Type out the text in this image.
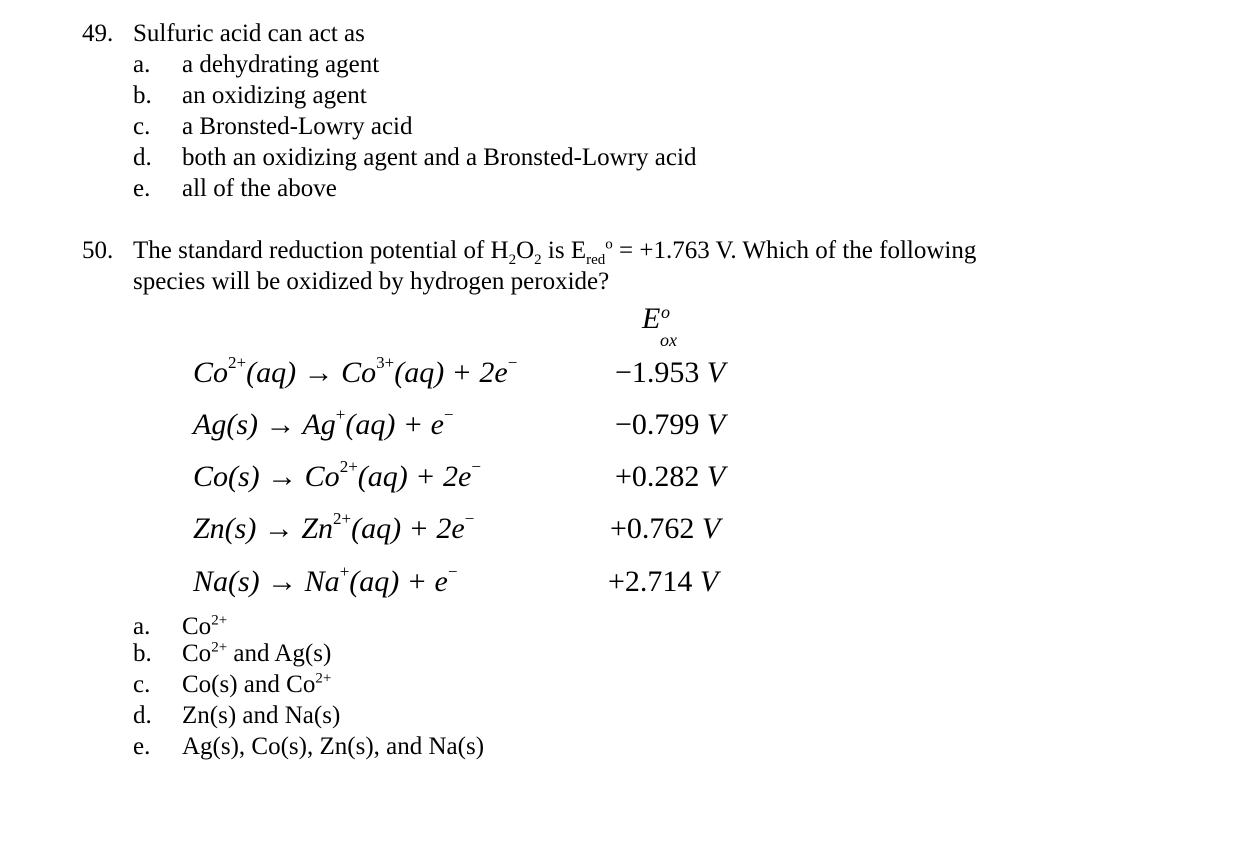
49. Sulfuric acid can act as
a. a dehydrating agent
b. an oxidizing agent
c. a Bronsted-Lowry acid
d. both an oxidizing agent and a Bronsted-Lowry acid
e. all of the above
50. The standard reduction potential of $H_2O_2$ is $E_{red}^o = +1.763$ V. Which of the following
species will be oxidized by hydrogen peroxide?
E o
ox
$Co^{2+}(aq) \to Co^{3+}(aq) + 2e^-$	−1.953 V
Ag(s) → Ag+(aq) + e−	−0.799 V
$Co(s) \to Co^{2+}(aq) + 2e^-$	+0.282 V
$Zn(s) \to Zn^{2+}(aq) + 2e^-$	+0.762 V
Na(s) → Na+(aq) + e−	+2.714 V
a. $Co^{2+}$
b. $Co^{2+}$ and Ag(s)
c. Co(s) and $Co^{2+}$
d. Zn(s) and Na(s)
e. Ag(s), Co(s), Zn(s), and Na(s)
